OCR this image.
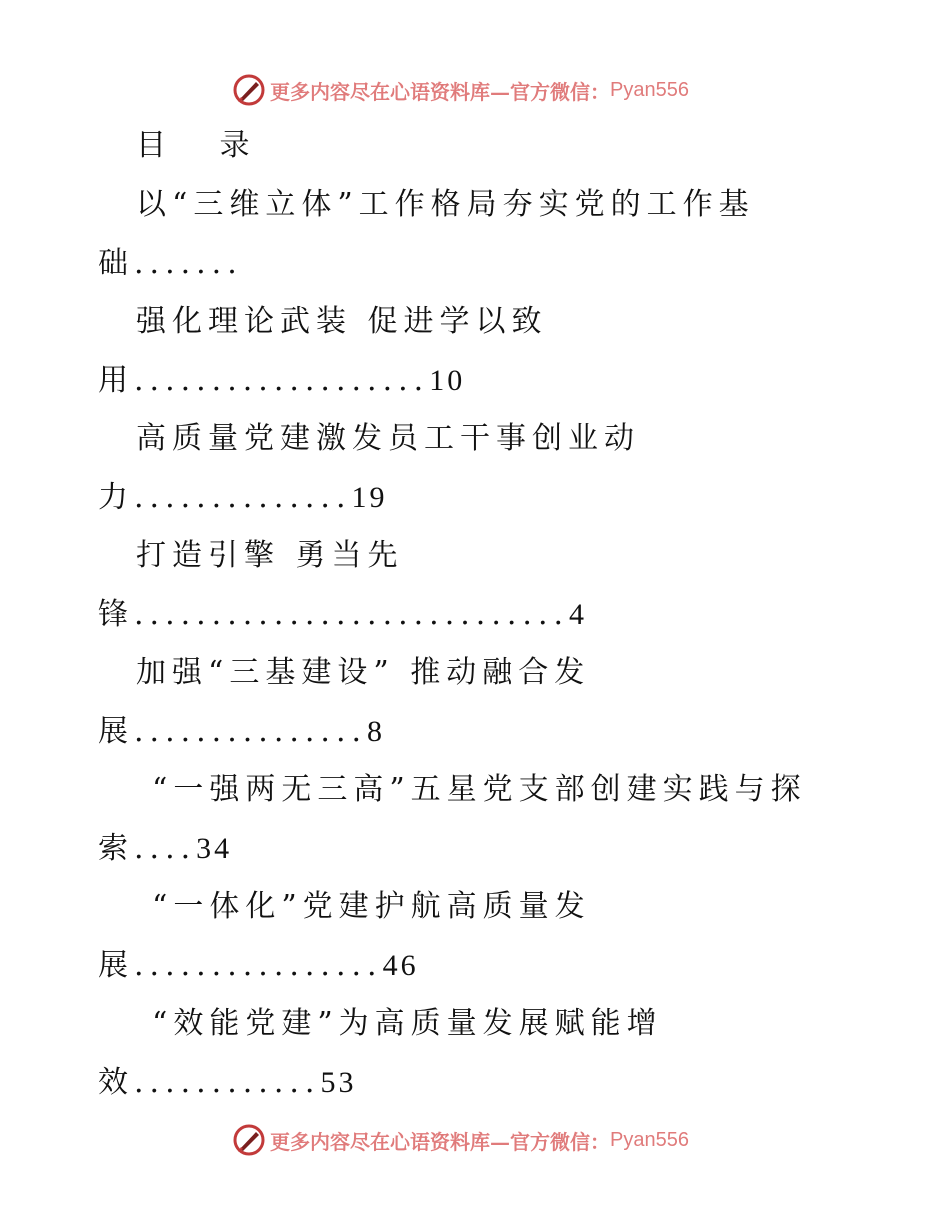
更多内容尽在心语资料库—官方微信： Pyan556
目 录
以“三维立体”工作格局夯实党的工作基
础.......
强化理论武装 促进学以致
用...................10
高质量党建激发员工干事创业动
力..............19
打造引擎 勇当先
锋............................4
加强“三基建设” 推动融合发
展...............8
“一强两无三高”五星党支部创建实践与探
索....34
“一体化”党建护航高质量发
展................46
“效能党建”为高质量发展赋能增
效............53
更多内容尽在心语资料库—官方微信： Pyan556
